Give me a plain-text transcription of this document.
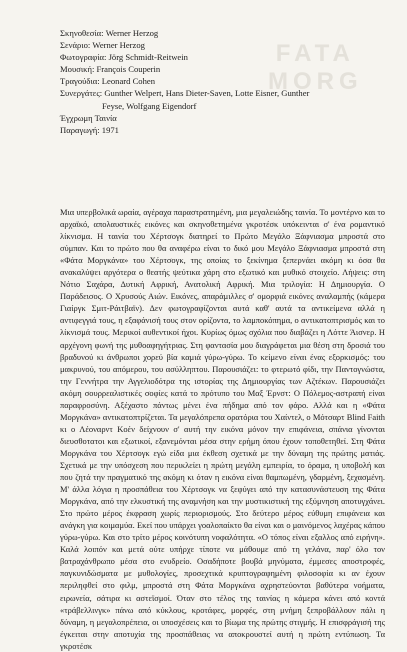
FATA
MORG
Σκηνοθεσία: Werner Herzog
Σενάριο: Werner Herzog
Φωτογραφία: Jörg Schmidt-Reitwein
Μουσική: François Couperin
Τραγούδια: Leonard Cohen
Συνεργάτες: Gunther Welpert, Hans Dieter-Saven, Lotte Eisner, Gunther
Feyse, Wolfgang Eigendorf
Έγχρωμη Ταινία
Παραγωγή: 1971

Μια υπερβολικά ωραία, αγέραχα παραστρατημένη, μια μεγαλειώδης ταινία. Το μοντέρνο και το αρχαϊκό, απολαυστικές εικόνες και σκηνοθετημένα γκροτέσκ υπόκεινται σ' ένα ρομαντικό λίκνισμα. Η ταινία του Χέρτσογκ διατηρεί το Πρώτο Μεγάλο Ξάφνιασμα μπροστά στο σύμπαν. Και το πρώτο που θα αναφέρω είναι το δικό μου Μεγάλο Ξάφνιασμα μπροστά στη «Φάτα Μοργκάνα» του Χέρτσογκ, της οποίας το ξεκίνημα ξεπερνάει ακόμη κι όσα θα ανακαλύψει αργότερα ο θεατής ψεύτικα χάρη στο εξωτικό και μυθικό στοιχείο. Λήψεις: στη Νότιο Σαχάρα, Δυτική Αφρική, Ανατολική Αφρική. Μια τριλογία: Η Δημιουργία. Ο Παράδεισος. Ο Χρυσούς Αιών. Εικόνες, απαράμιλλες σ' ομορφιά εικόνες αναλαμπής (κάμερα Γιαίργκ Σμιτ-Ράιτβαϊν). Δεν φωτογραφίζονται αυτά καθ' αυτά τα αντικείμενα αλλά η αντιφεγγιά τους, η εξαφάνισή τους στον ορίζοντα, το λαμποκόπημα, ο αντικατοπτρισμός και το λίκνισμά τους. Μερικοί αυθεντικοί ήχοι. Κυρίως όμως σχόλια που διαβάζει η Λόττε Άισνερ. Η αρχέγονη φωνή της μυθοαφηγήτριας. Στη φαντασία μου διαγράφεται μια θέση στη δροσιά του βραδυνού κι άνθρωποι χορεύ βία καμιά γύρω-γύρω. Το κείμενο είναι ένας εξορκισμός: του μακρυνού, του απόμερου, του ασύλληπτου. Παρουσιάζει: το φτερωτό φίδι, την Παντογνώστα, την Γεννήτρα την Αγγελιοδότρα της ιστορίας της Δημιουργίας των Αζτέκων. Παρουσιάζει ακόμη σουρρεαλιστικές σοφίες κατά το πρότυπο του Μαξ Έρνστ: Ο Πόλεμος-αστραπή είναι παραφροσύνη. Αξέχαστο πάντως μένει ένα πήδημα από τον φάρο. Αλλά και η «Φάτα Μοργκάνα» αντικατοπτρίζεται. Τα μεγαλόπρεπα ορατόρια του Χαίντελ, ο Μότσαρτ Blind Faith κι ο Λέοναρντ Κοέν δείχνουν σ' αυτή την εικόνα μόνον την επιφάνεια, σπάνια γίνονται διευσθοτατοι και εξωτικοί, εξανεμόνται μέσα στην ερήμη όπου έχουν τοποθετηθεί. Στη Φάτα Μοργκάνα του Χέρτσογκ εγώ είδα μια έκθεση σχετικά με την δύναμη της πρώτης ματιάς. Σχετικά με την υπόσχεση που περικλείει η πρώτη μεγάλη εμπειρία, το όραμα, η υποβολή και που ζητά την πραγματικό της ακόμη κι όταν η εικόνα είναι θαμπωμένη, γδαρμένη, ξεχασμένη. Μ' άλλα λόγια η προσπάθεια του Χέρτσογκ να ξεφύγει από την κατασυνάστευση της Φάτα Μοργκάνα, από την ελκυστική της αναμνήση και την μυστικιστική της εξύμνηση αποτυγχάνει. Στο πρώτο μέρος έκφραση χωρίς περιορισμούς. Στο δεύτερο μέρος εύθυμη επιφάνεια και ανάγκη για κοιμαμύα. Εκεί που υπάρχει γοαλοπαίκτο θα είναι και ο μαινόμενος λαχέρας κάπου γύρω-γύρω. Και στο τρίτο μέρος κοινότυπη νοφαλότητα. «Ο τόπος είναι εξαλλος από ειρήνη». Καλά λοιπόν και μετά ούτε υπήρχε τίποτε να μάθουμε από τη γελάνα, παρ' όλο τον βατραχάνθρωπο μέσα στο ενυδρείο. Οσαδήποτε βουβά μηνύματα, έμμεσες αποστροφές, παγκυνιδώσματα με μυθολογίες, προσεχτικά κρυπτογραφημένη φιλοσοφία κι αν έχουν περιληφθεί στο φιλμ, μπροστά στη Φάτα Μοργκάνα αχρηστεύονται βαθύτερα νοήματα, ειρωνεία, σάτιρα κι αστεϊσμοί. Όταν στο τέλος της ταινίας η κάμερα κάνει από κοντά «τράβελλινγκ» πάνω από κύκλους, κροτάφες, μορφές, στη μνήμη ξεπροβάλλουν πάλι η δύναμη, η μεγαλοπρέπεια, οι υποσχέσεις και το βίωμα της πρώτης στιγμής. Η επισφράγισή της έγκειται στην αποτυχία της προσπάθειας να αποκρουστεί αυτή η πρώτη εντύπωση. Τα γκροτέσκ
